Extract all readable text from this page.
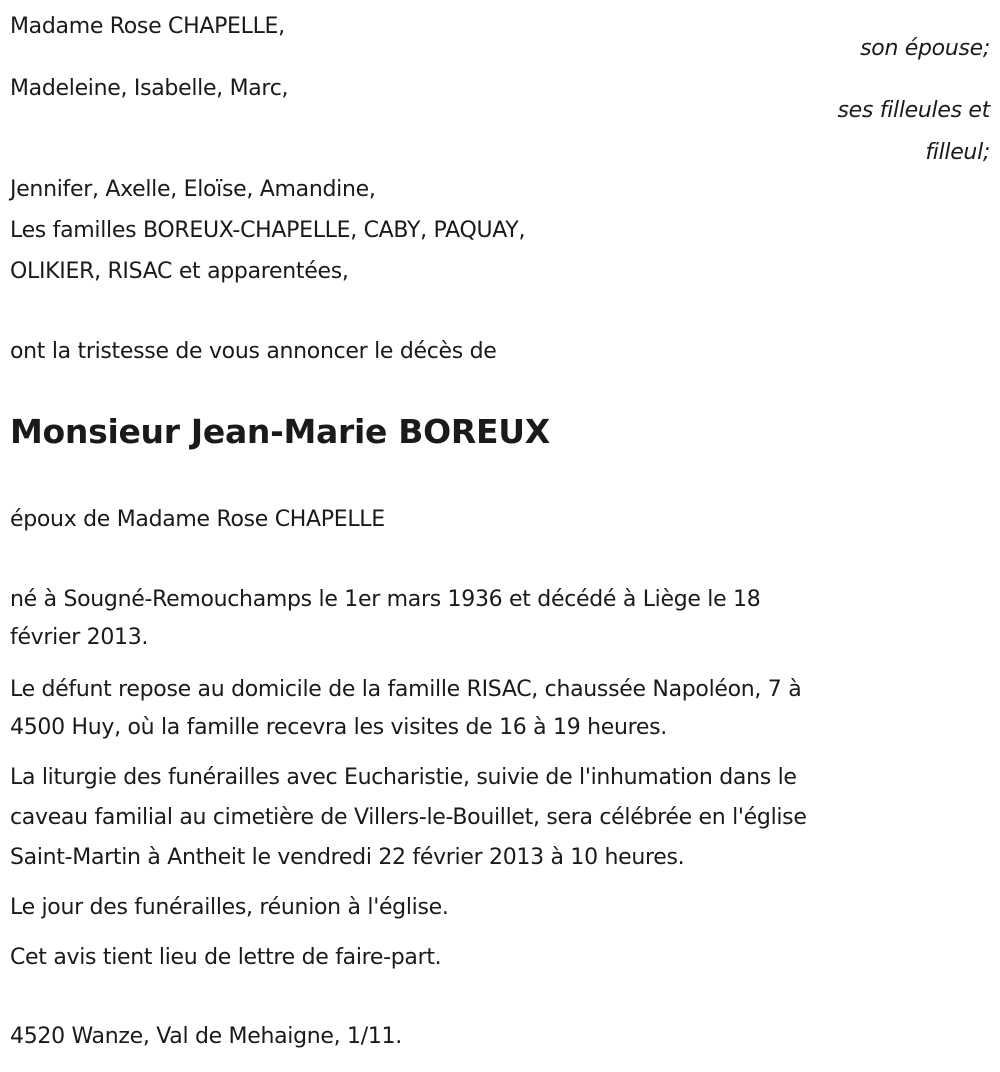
Madame Rose CHAPELLE,
son épouse;
Madeleine, Isabelle, Marc,
ses filleules et
filleul;
Jennifer, Axelle, Eloïse, Amandine,
Les familles BOREUX-CHAPELLE, CABY, PAQUAY,
OLIKIER, RISAC et apparentées,
ont la tristesse de vous annoncer le décès de
Monsieur Jean-Marie BOREUX
époux de Madame Rose CHAPELLE
né à Sougné-Remouchamps le 1er mars 1936 et décédé à Liège le 18
février 2013.
Le défunt repose au domicile de la famille RISAC, chaussée Napoléon, 7 à
4500 Huy, où la famille recevra les visites de 16 à 19 heures.
La liturgie des funérailles avec Eucharistie, suivie de l'inhumation dans le
caveau familial au cimetière de Villers-le-Bouillet, sera célébrée en l'église
Saint-Martin à Antheit le vendredi 22 février 2013 à 10 heures.
Le jour des funérailles, réunion à l'église.
Cet avis tient lieu de lettre de faire-part.
4520 Wanze, Val de Mehaigne, 1/11.
